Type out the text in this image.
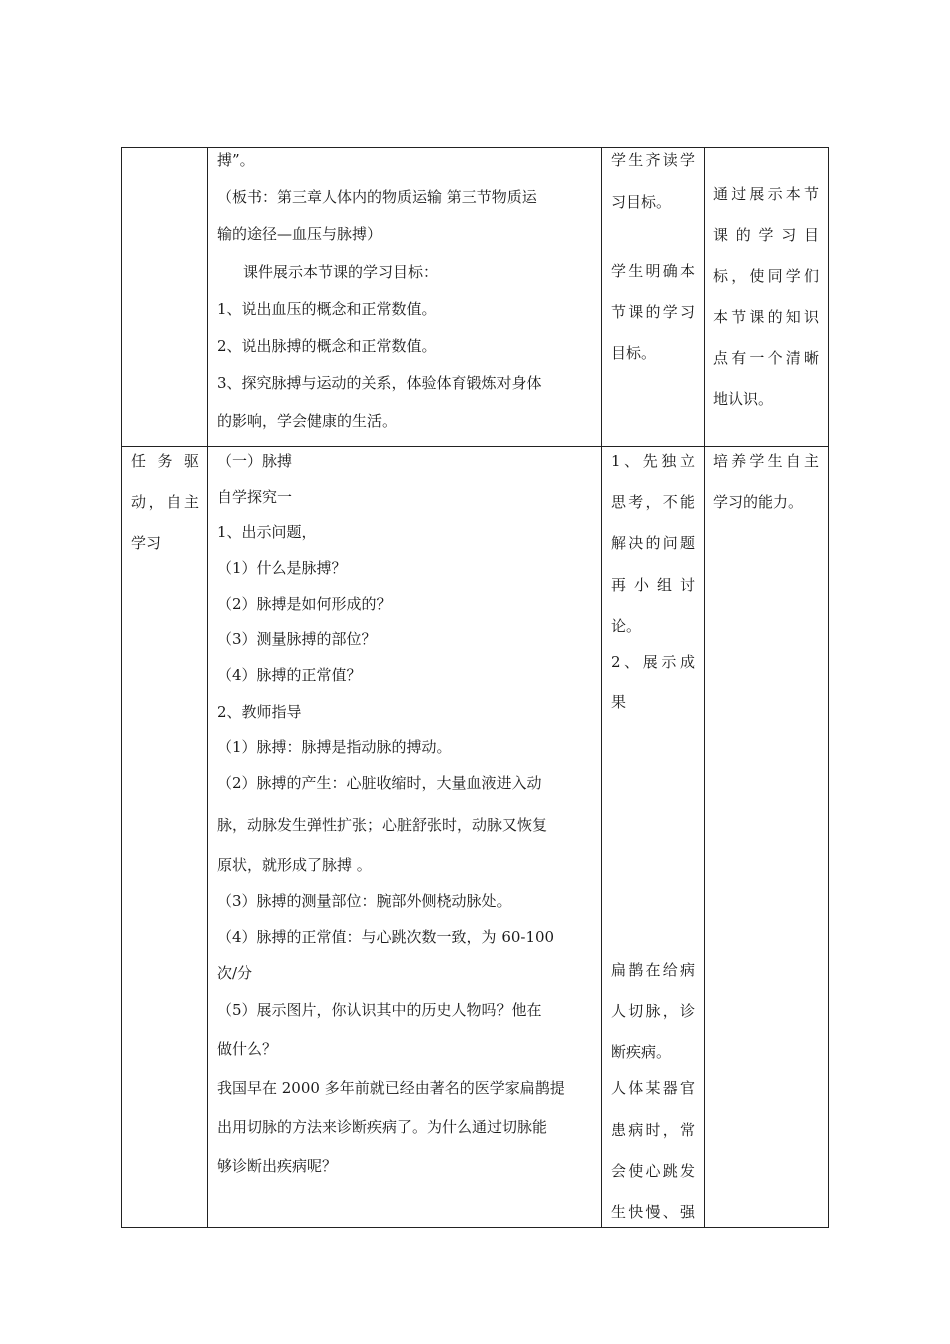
搏”。
（板书：第三章人体内的物质运输 第三节物质运
输的途径—血压与脉搏）
课件展示本节课的学习目标：
1、说出血压的概念和正常数值。
2、说出脉搏的概念和正常数值。
3、探究脉搏与运动的关系，体验体育锻炼对身体
的影响，学会健康的生活。
学生齐读学
习目标。
学生明确本
节课的学习
目标。
通过展示本节
课 的 学 习 目
标，使同学们
本节课的知识
点有一个清晰
地认识。
任 务 驱
动，自主
学习
（一）脉搏
自学探究一
1、出示问题，
（1）什么是脉搏？
（2）脉搏是如何形成的？
（3）测量脉搏的部位？
（4）脉搏的正常值？
2、教师指导
（1）脉搏：脉搏是指动脉的搏动。
（2）脉搏的产生：心脏收缩时，大量血液进入动
脉，动脉发生弹性扩张；心脏舒张时，动脉又恢复
原状，就形成了脉搏 。
（3）脉搏的测量部位：腕部外侧桡动脉处。
（4）脉搏的正常值：与心跳次数一致，为 60-100
次/分
（5）展示图片，你认识其中的历史人物吗？他在
做什么？
我国早在 2000 多年前就已经由著名的医学家扁鹊提
出用切脉的方法来诊断疾病了。为什么通过切脉能
够诊断出疾病呢？
1、先独立
思考，不能
解决的问题
再 小 组 讨
论。
2、展示成
果
扁鹊在给病
人切脉，诊
断疾病。
人体某器官
患病时，常
会使心跳发
生快慢、强
培养学生自主
学习的能力。
